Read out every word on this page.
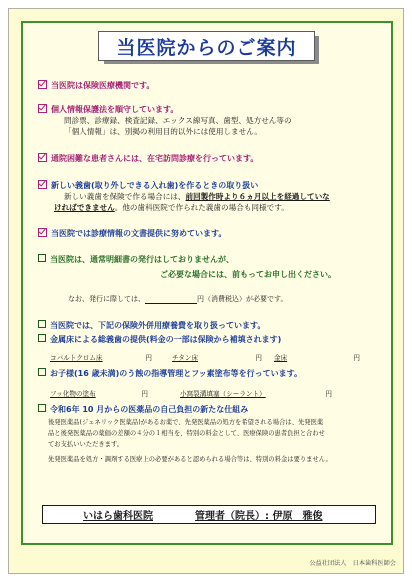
当医院からのご案内
当医院は保険医療機関です。
個人情報保護法を順守しています。
問診票、診療録、検査記録、エックス線写真、歯型、処方せん等の
「個人情報」は、別掲の利用目的以外には使用しません。
通院困難な患者さんには、在宅訪問診療を行っています。
新しい義歯(取り外しできる入れ歯)を作るときの取り扱い
新しい義歯を保険で作る場合には、前回製作時より６ヵ月以上を経過していな
ければできません。他の歯科医院で作られた義歯の場合も同様です。
当医院では診療情報の文書提供に努めています。
当医院は、通常明細書の発行はしておりませんが、
ご必要な場合には、前もってお申し出ください。
なお、発行に際しては、	円（消費税込）が必要です。
当医院では、下記の保険外併用療養費を取り扱っています。
金属床による総義歯の提供(料金の一部は保険から補填されます)
コバルトクロム床	円	チタン床	円 金床	円
お子様(16 歳未満)のう蝕の指導管理とフッ素塗布等を行っています。
フッ化物の塗布	円	小窩裂溝填塞（シーラント）	円
令和6年 10 月からの医薬品の自己負担の新たな仕組み
後発医薬品(ジェネリック医薬品)があるお薬で、先発医薬品の処方を希望される場合は、先発医薬
品と後発医薬品の薬価の差額の４分の１相当を、特別の料金として、医療保険の患者負担と合わせ
てお支払いいただきます。
先発医薬品を処方・調剤する医療上の必要があると認められる場合等は、特別の料金は要りません。
いはら歯科医院	管理者（院長）: 伊原　雅俊
公益社団法人　日本歯科医師会
